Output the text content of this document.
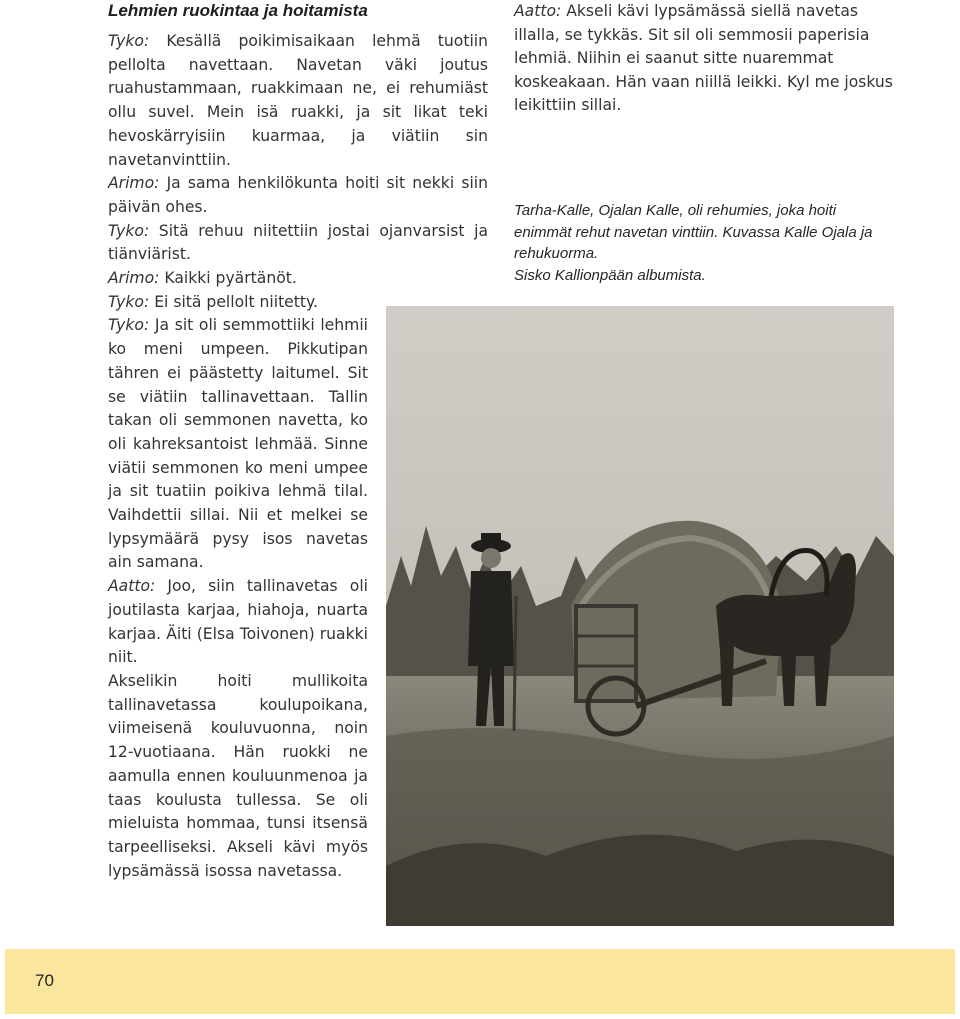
Lehmien ruokintaa ja hoitamista

Tyko: Kesällä poikimisaikaan lehmä tuotiin pellolta navettaan. Navetan väki joutus ruahustammaan, ruakkimaan ne, ei rehumiäst ollu suvel. Mein isä ruakki, ja sit likat teki hevoskärryisiin kuarmaa, ja viätiin sin navetanvinttiin.

Arimo: Ja sama henkilökunta hoiti sit nekki siin päivän ohes.

Tyko: Sitä rehuu niitettiin jostai ojanvarsist ja tiänviärist.

Arimo: Kaikki pyärtänöt.

Tyko: Ei sitä pellolt niitetty.

Tyko: Ja sit oli semmottiiki lehmii ko meni umpeen. Pikkutipan tähren ei päästetty laitumel. Sit se viätiin tallinavettaan. Tallin takan oli semmonen navetta, ko oli kahreksantoist lehmää. Sinne viätii semmonen ko meni umpee ja sit tuatiin poikiva lehmä tilal. Vaihdettii sillai. Nii et melkei se lypsymäärä pysy isos navetas ain samana.

Aatto: Joo, siin tallinavetas oli joutilasta karjaa, hiahoja, nuarta karjaa. Äiti (Elsa Toivonen) ruakki niit.

Akselikin hoiti mullikoita tallinavetassa koulupoikana, viimeisenä kouluvuonna, noin 12-vuotiaana. Hän ruokki ne aamulla ennen kouluunmenoa ja taas koulusta tullessa. Se oli mieluista hommaa, tunsi itsensä tarpeelliseksi. Akseli kävi myös lypsämässä isossa navetassa.

Aatto: Akseli kävi lypsämässä siellä navetas illalla, se tykkäs. Sit sil oli semmosii paperisia lehmiä. Niihin ei saanut sitte nuaremmat koskeakaan. Hän vaan niillä leikki. Kyl me joskus leikittiin sillai.

Tarha-Kalle, Ojalan Kalle, oli rehumies, joka hoiti enimmät rehut navetan vinttiin. Kuvassa Kalle Ojala ja rehukuorma.

Sisko Kallionpään albumista.

70
